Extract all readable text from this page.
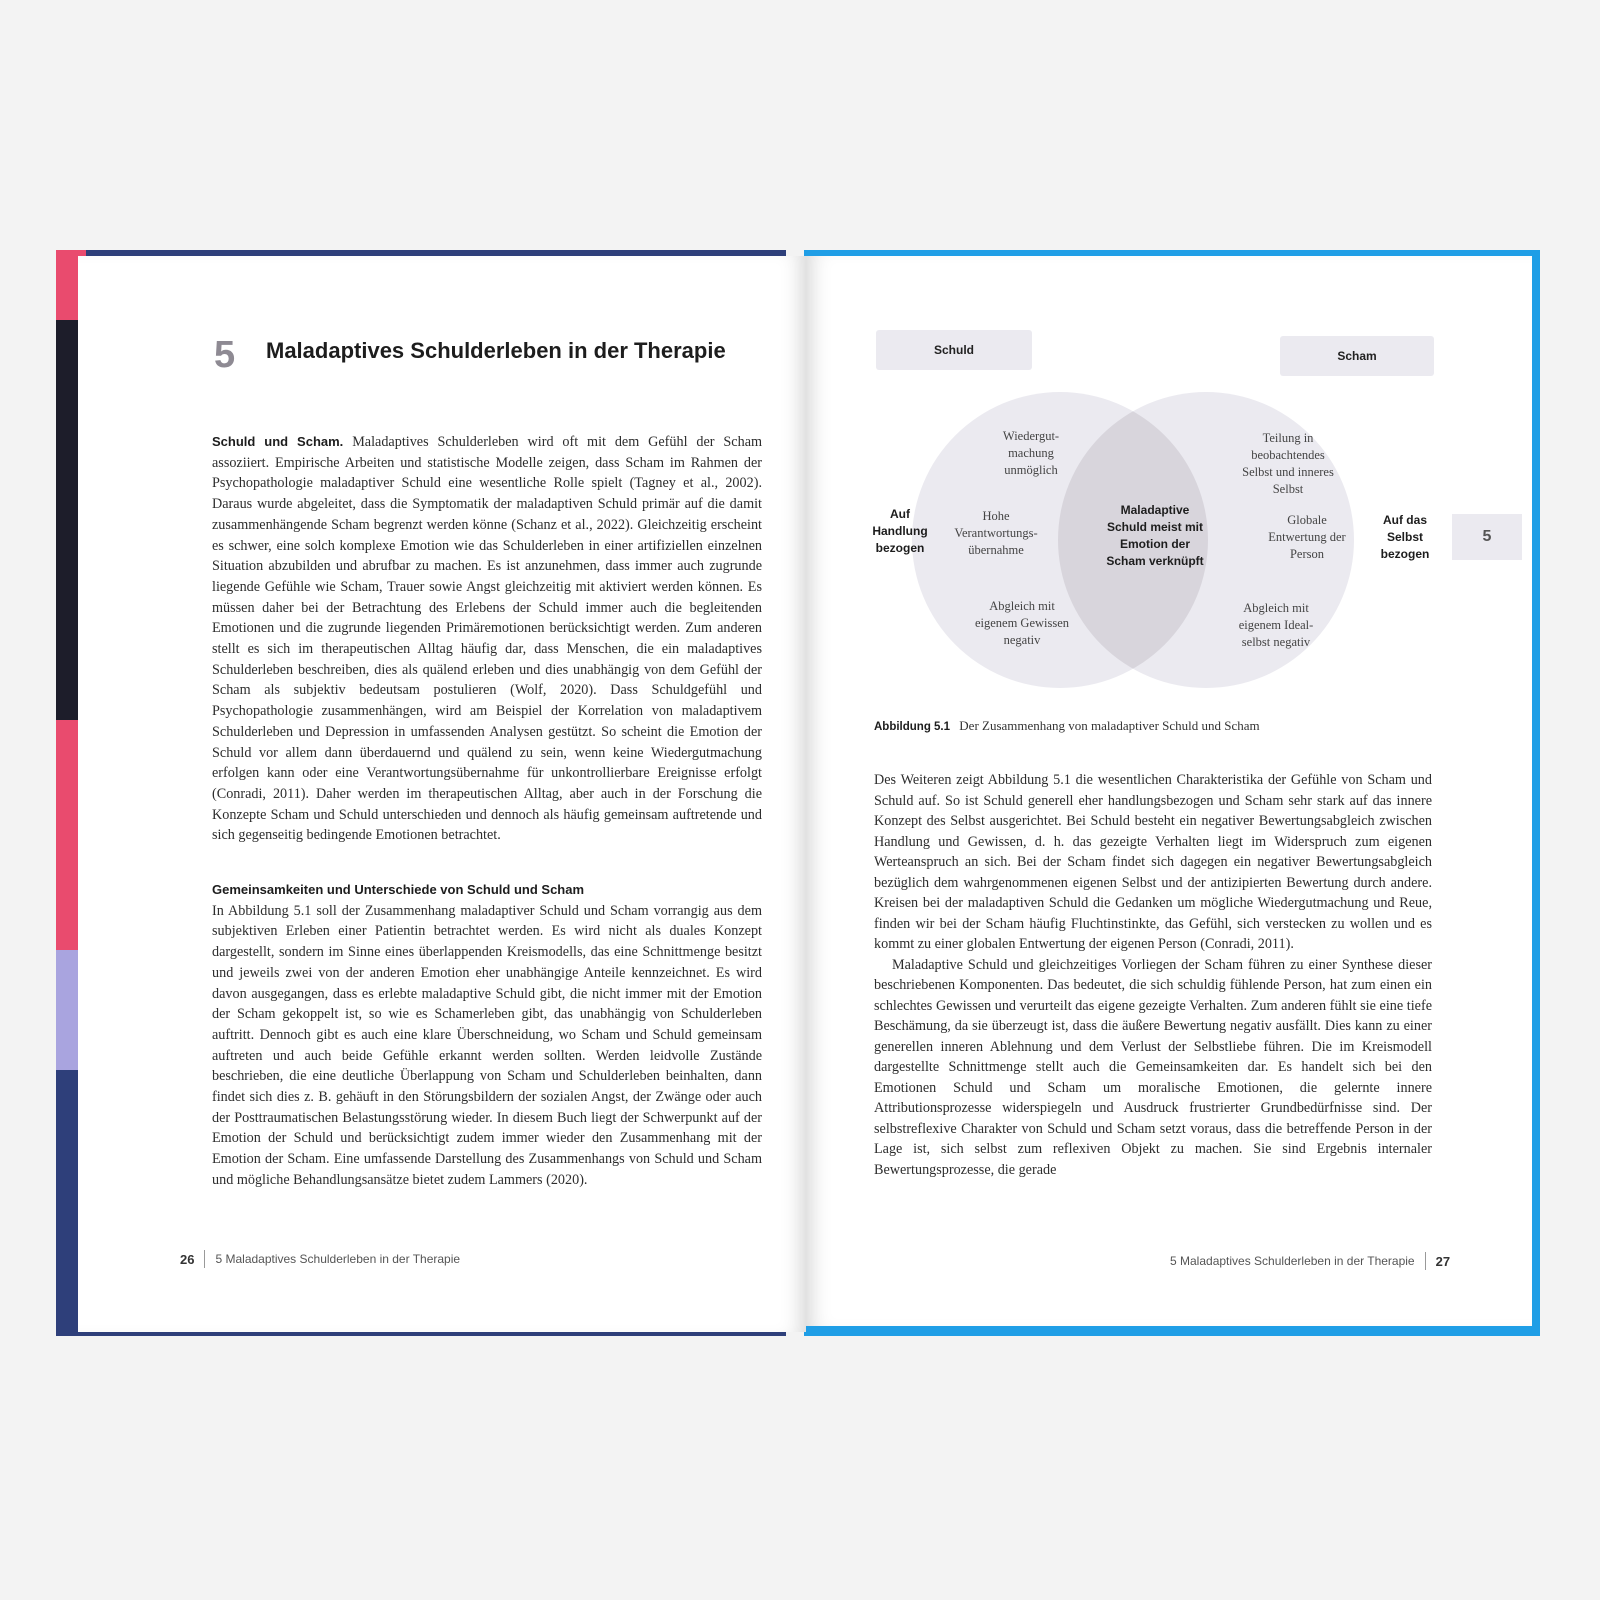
5 Maladaptives Schulderleben in der Therapie
Schuld und Scham. Maladaptives Schulderleben wird oft mit dem Gefühl der Scham assoziiert. Empirische Arbeiten und statistische Modelle zeigen, dass Scham im Rahmen der Psychopathologie maladaptiver Schuld eine wesentliche Rolle spielt (Tagney et al., 2002). Daraus wurde abgeleitet, dass die Symptomatik der maladaptiven Schuld primär auf die damit zusammenhängende Scham begrenzt werden könne (Schanz et al., 2022). Gleichzeitig erscheint es schwer, eine solch komplexe Emotion wie das Schulderleben in einer artifiziellen einzelnen Situation abzubilden und abrufbar zu machen. Es ist anzunehmen, dass immer auch zugrunde liegende Gefühle wie Scham, Trauer sowie Angst gleichzeitig mit aktiviert werden können. Es müssen daher bei der Betrachtung des Erlebens der Schuld immer auch die begleitenden Emotionen und die zugrunde liegenden Primäremotionen berücksichtigt werden. Zum anderen stellt es sich im therapeutischen Alltag häufig dar, dass Menschen, die ein maladaptives Schulderleben beschreiben, dies als quälend erleben und dies unabhängig von dem Gefühl der Scham als subjektiv bedeutsam postulieren (Wolf, 2020). Dass Schuldgefühl und Psychopathologie zusammenhängen, wird am Beispiel der Korrelation von maladaptivem Schulderleben und Depression in umfassenden Analysen gestützt. So scheint die Emotion der Schuld vor allem dann überdauernd und quälend zu sein, wenn keine Wiedergutmachung erfolgen kann oder eine Verantwortungsübernahme für unkontrollierbare Ereignisse erfolgt (Conradi, 2011). Daher werden im therapeutischen Alltag, aber auch in der Forschung die Konzepte Scham und Schuld unterschieden und dennoch als häufig gemeinsam auftretende und sich gegenseitig bedingende Emotionen betrachtet.
Gemeinsamkeiten und Unterschiede von Schuld und Scham
In Abbildung 5.1 soll der Zusammenhang maladaptiver Schuld und Scham vorrangig aus dem subjektiven Erleben einer Patientin betrachtet werden. Es wird nicht als duales Konzept dargestellt, sondern im Sinne eines überlappenden Kreismodells, das eine Schnittmenge besitzt und jeweils zwei von der anderen Emotion eher unabhängige Anteile kennzeichnet. Es wird davon ausgegangen, dass es erlebte maladaptive Schuld gibt, die nicht immer mit der Emotion der Scham gekoppelt ist, so wie es Schamerleben gibt, das unabhängig von Schulderleben auftritt. Dennoch gibt es auch eine klare Überschneidung, wo Scham und Schuld gemeinsam auftreten und auch beide Gefühle erkannt werden sollten. Werden leidvolle Zustände beschrieben, die eine deutliche Überlappung von Scham und Schulderleben beinhalten, dann findet sich dies z. B. gehäuft in den Störungsbildern der sozialen Angst, der Zwänge oder auch der Posttraumatischen Belastungsstörung wieder. In diesem Buch liegt der Schwerpunkt auf der Emotion der Schuld und berücksichtigt zudem immer wieder den Zusammenhang mit der Emotion der Scham. Eine umfassende Darstellung des Zusammenhangs von Schuld und Scham und mögliche Behandlungsansätze bietet zudem Lammers (2020).
26 5 Maladaptives Schulderleben in der Therapie
Schuld	Scham
Auf Handlung bezogen
Auf das Selbst bezogen
Wiedergut-machung unmöglich
Hohe Verantwortungs-übernahme
Abgleich mit eigenem Gewissen negativ
Maladaptive Schuld meist mit Emotion der Scham verknüpft
Teilung in beobachtendes Selbst und inneres Selbst
Globale Entwertung der Person
Abgleich mit eigenem Ideal-selbst negativ
Abbildung 5.1 Der Zusammenhang von maladaptiver Schuld und Scham

Des Weiteren zeigt Abbildung 5.1 die wesentlichen Charakteristika der Gefühle von Scham und Schuld auf. So ist Schuld generell eher handlungsbezogen und Scham sehr stark auf das innere Konzept des Selbst ausgerichtet. Bei Schuld besteht ein negativer Bewertungsabgleich zwischen Handlung und Gewissen, d. h. das gezeigte Verhalten liegt im Widerspruch zum eigenen Werteanspruch an sich. Bei der Scham findet sich dagegen ein negativer Bewertungsabgleich bezüglich dem wahrgenommenen eigenen Selbst und der antizipierten Bewertung durch andere. Kreisen bei der maladaptiven Schuld die Gedanken um mögliche Wiedergutmachung und Reue, finden wir bei der Scham häufig Fluchtinstinkte, das Gefühl, sich verstecken zu wollen und es kommt zu einer globalen Entwertung der eigenen Person (Conradi, 2011).

Maladaptive Schuld und gleichzeitiges Vorliegen der Scham führen zu einer Synthese dieser beschriebenen Komponenten. Das bedeutet, die sich schuldig fühlende Person, hat zum einen ein schlechtes Gewissen und verurteilt das eigene gezeigte Verhalten. Zum anderen fühlt sie eine tiefe Beschämung, da sie überzeugt ist, dass die äußere Bewertung negativ ausfällt. Dies kann zu einer generellen inneren Ablehnung und dem Verlust der Selbstliebe führen. Die im Kreismodell dargestellte Schnittmenge stellt auch die Gemeinsamkeiten dar. Es handelt sich bei den Emotionen Schuld und Scham um moralische Emotionen, die gelernte innere Attributionsprozesse widerspiegeln und Ausdruck frustrierter Grundbedürfnisse sind. Der selbstreflexive Charakter von Schuld und Scham setzt voraus, dass die betreffende Person in der Lage ist, sich selbst zum reflexiven Objekt zu machen. Sie sind Ergebnis internaler Bewertungsprozesse, die gerade

5
5 Maladaptives Schulderleben in der Therapie 27
